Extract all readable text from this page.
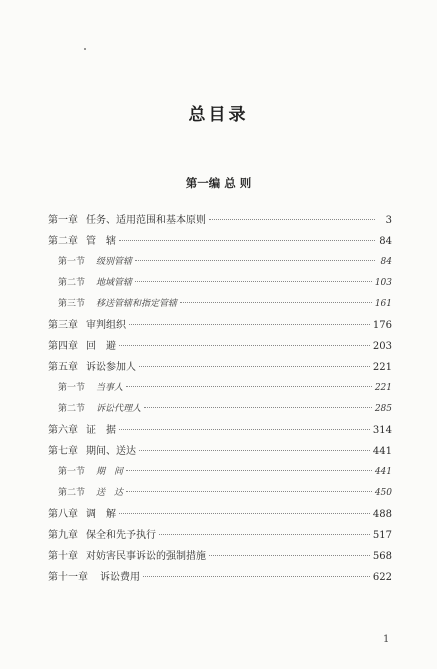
总目录
第一编 总 则
第一章 任务、适用范围和基本原则	3
第二章 管　辖	84
第一节 级别管辖	84
第二节 地域管辖	103
第三节 移送管辖和指定管辖	161
第三章 审判组织	176
第四章 回　避	203
第五章 诉讼参加人	221
第一节 当事人	221
第二节 诉讼代理人	285
第六章 证　据	314
第七章 期间、送达	441
第一节 期　间	441
第二节 送　达	450
第八章 调　解	488
第九章 保全和先予执行	517
第十章 对妨害民事诉讼的强制措施	568
第十一章 诉讼费用	622
1
